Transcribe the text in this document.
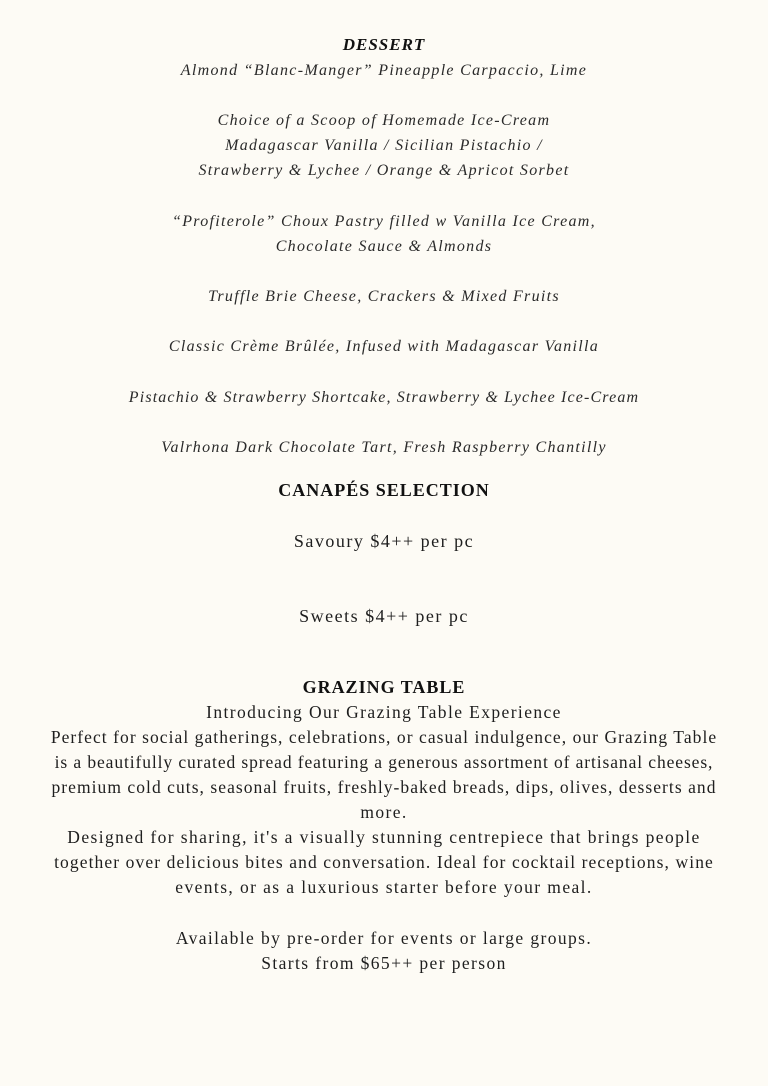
DESSERT
Almond “Blanc-Manger” Pineapple Carpaccio, Lime
Choice of a Scoop of Homemade Ice-Cream
Madagascar Vanilla / Sicilian Pistachio /
Strawberry & Lychee / Orange & Apricot Sorbet
“Profiterole” Choux Pastry filled w Vanilla Ice Cream,
Chocolate Sauce & Almonds
Truffle Brie Cheese, Crackers & Mixed Fruits
Classic Crème Brûlée, Infused with Madagascar Vanilla
Pistachio & Strawberry Shortcake, Strawberry & Lychee Ice-Cream
Valrhona Dark Chocolate Tart, Fresh Raspberry Chantilly
CANAPÉS SELECTION
Savoury $4++ per pc
Sweets $4++ per pc
GRAZING TABLE
Introducing Our Grazing Table Experience
Perfect for social gatherings, celebrations, or casual indulgence, our Grazing Table
is a beautifully curated spread featuring a generous assortment of artisanal cheeses,
premium cold cuts, seasonal fruits, freshly-baked breads, dips, olives, desserts and
more.
Designed for sharing, it's a visually stunning centrepiece that brings people
together over delicious bites and conversation. Ideal for cocktail receptions, wine
events, or as a luxurious starter before your meal.
Available by pre-order for events or large groups.
Starts from $65++ per person
